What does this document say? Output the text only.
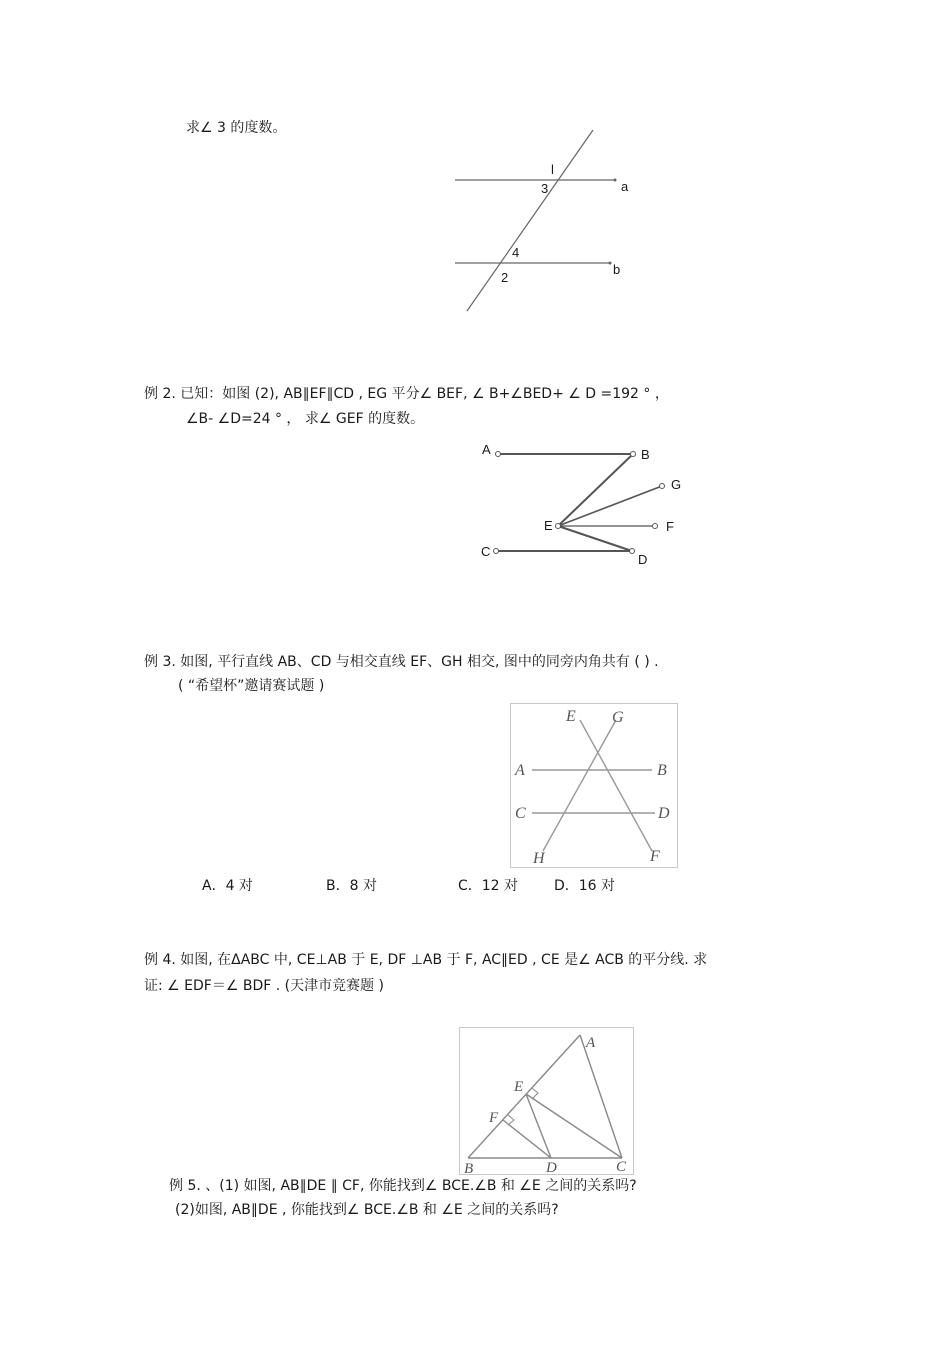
求∠ 3 的度数。
l
3	a
4
2
b
例 2. 已知：如图 (2), AB∥EF∥CD , EG 平分∠ BEF, ∠ B+∠BED+ ∠ D =192 ° ，
∠B- ∠D=24 ° ， 求∠ GEF 的度数。
A	B
G
E	F
C
D
例 3. 如图, 平行直线 AB、CD 与相交直线 EF、GH 相交, 图中的同旁内角共有 ( ) .
( “希望杯”邀请赛试题 )
E G
A	B
C	D
H	F
A．4 对	B．8 对	C．12 对	D．16 对
例 4. 如图, 在ΔABC 中, CE⊥AB 于 E, DF ⊥AB 于 F, AC∥ED , CE 是∠ ACB 的平分线. 求
证: ∠ EDF＝∠ BDF . (天津市竞赛题 )
A
E
F
B	D	C
例 5. 、(1) 如图, AB∥DE ∥ CF, 你能找到∠ BCE.∠B 和 ∠E 之间的关系吗?
(2)如图, AB∥DE , 你能找到∠ BCE.∠B 和 ∠E 之间的关系吗?
